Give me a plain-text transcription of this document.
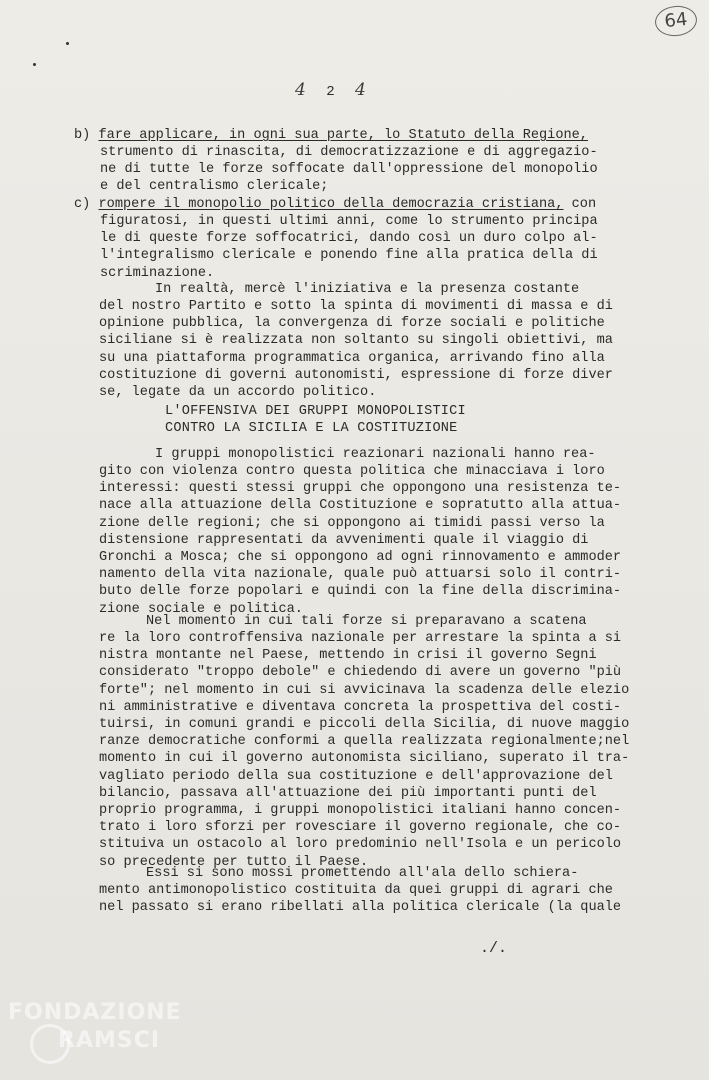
64
4 2 4
b) fare applicare, in ogni sua parte, lo Statuto della Regione,
strumento di rinascita, di democratizzazione e di aggregazio-
ne di tutte le forze soffocate dall'oppressione del monopolio
e del centralismo clericale;
c) rompere il monopolio politico della democrazia cristiana, con
figuratosi, in questi ultimi anni, come lo strumento principa
le di queste forze soffocatrici, dando così un duro colpo al-
l'integralismo clericale e ponendo fine alla pratica della di
scriminazione.
In realtà, mercè l'iniziativa e la presenza costante
del nostro Partito e sotto la spinta di movimenti di massa e di
opinione pubblica, la convergenza di forze sociali e politiche
siciliane si è realizzata non soltanto su singoli obiettivi, ma
su una piattaforma programmatica organica, arrivando fino alla
costituzione di governi autonomisti, espressione di forze diver
se, legate da un accordo politico.
L'OFFENSIVA DEI GRUPPI MONOPOLISTICI
CONTRO LA SICILIA E LA COSTITUZIONE
I gruppi monopolistici reazionari nazionali hanno rea-
gito con violenza contro questa politica che minacciava i loro
interessi: questi stessi gruppi che oppongono una resistenza te-
nace alla attuazione della Costituzione e sopratutto alla attua-
zione delle regioni; che si oppongono ai timidi passi verso la
distensione rappresentati da avvenimenti quale il viaggio di
Gronchi a Mosca; che si oppongono ad ogni rinnovamento e ammoder
namento della vita nazionale, quale può attuarsi solo il contri-
buto delle forze popolari e quindi con la fine della discrimina-
zione sociale e politica.
Nel momento in cui tali forze si preparavano a scatena
re la loro controffensiva nazionale per arrestare la spinta a si
nistra montante nel Paese, mettendo in crisi il governo Segni
considerato "troppo debole" e chiedendo di avere un governo "più
forte"; nel momento in cui si avvicinava la scadenza delle elezio
ni amministrative e diventava concreta la prospettiva del costi-
tuirsi, in comuni grandi e piccoli della Sicilia, di nuove maggio
ranze democratiche conformi a quella realizzata regionalmente;nel
momento in cui il governo autonomista siciliano, superato il tra-
vagliato periodo della sua costituzione e dell'approvazione del
bilancio, passava all'attuazione dei più importanti punti del
proprio programma, i gruppi monopolistici italiani hanno concen-
trato i loro sforzi per rovesciare il governo regionale, che co-
stituiva un ostacolo al loro predominio nell'Isola e un pericolo
so precedente per tutto il Paese.
Essi si sono mossi promettendo all'ala dello schiera-
mento antimonopolistico costituita da quei gruppi di agrari che
nel passato si erano ribellati alla politica clericale (la quale
./.
FONDAZIONE
RAMSCI
